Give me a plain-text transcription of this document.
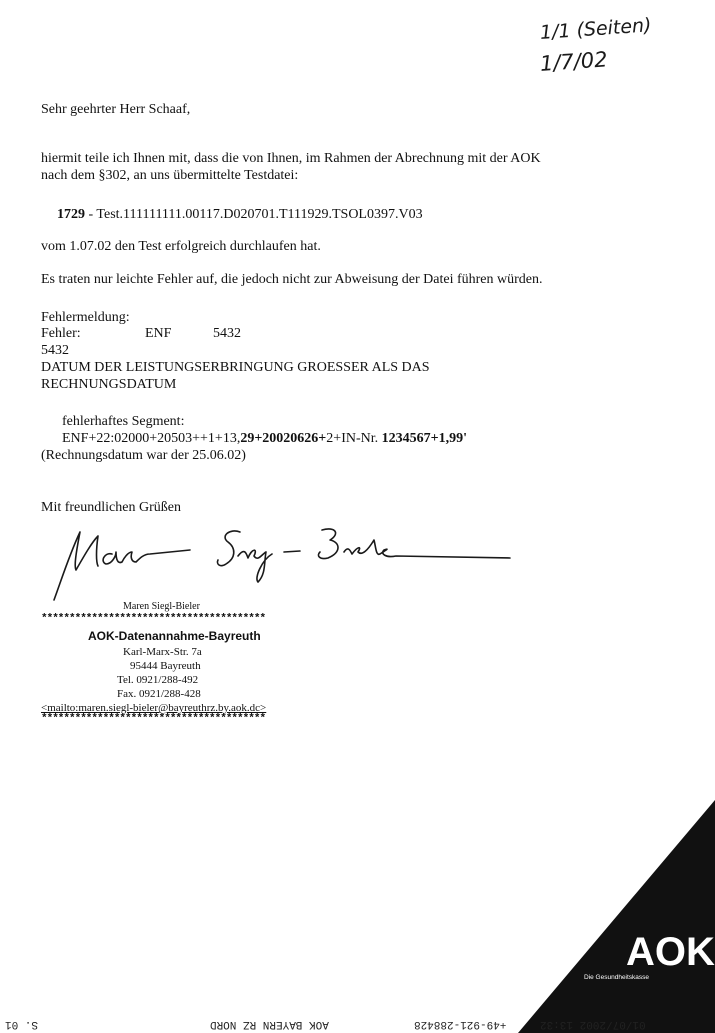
1/1 (Seiten)
1/7/02
Sehr geehrter Herr Schaaf,
hiermit teile ich Ihnen mit, dass die von Ihnen, im Rahmen der Abrechnung mit der AOK
nach dem §302, an uns übermittelte Testdatei:
1729 - Test.111111111.00117.D020701.T111929.TSOL0397.V03
vom 1.07.02 den Test erfolgreich durchlaufen hat.
Es traten nur leichte Fehler auf, die jedoch nicht zur Abweisung der Datei führen würden.
Fehlermeldung:
Fehler:	ENF	5432
5432
DATUM DER LEISTUNGSERBRINGUNG GROESSER ALS DAS
RECHNUNGSDATUM
fehlerhaftes Segment:
ENF+22:02000+20503++1+13,29+20020626+2+IN-Nr. 1234567+1,99'
(Rechnungsdatum war der 25.06.02)
Mit freundlichen Grüßen
Maren Siegl-Bieler
****************************************
AOK-Datenannahme-Bayreuth
Karl-Marx-Str. 7a
95444 Bayreuth
Tel. 0921/288-492
Fax. 0921/288-428
<mailto:maren.siegl-bieler@bayreuthrz.by.aok.dc>
****************************************
AOK
Die Gesundheitskasse
01/07/2002 13:32
+49-921-288428
AOK BAYERN RZ NORD
S. 01
